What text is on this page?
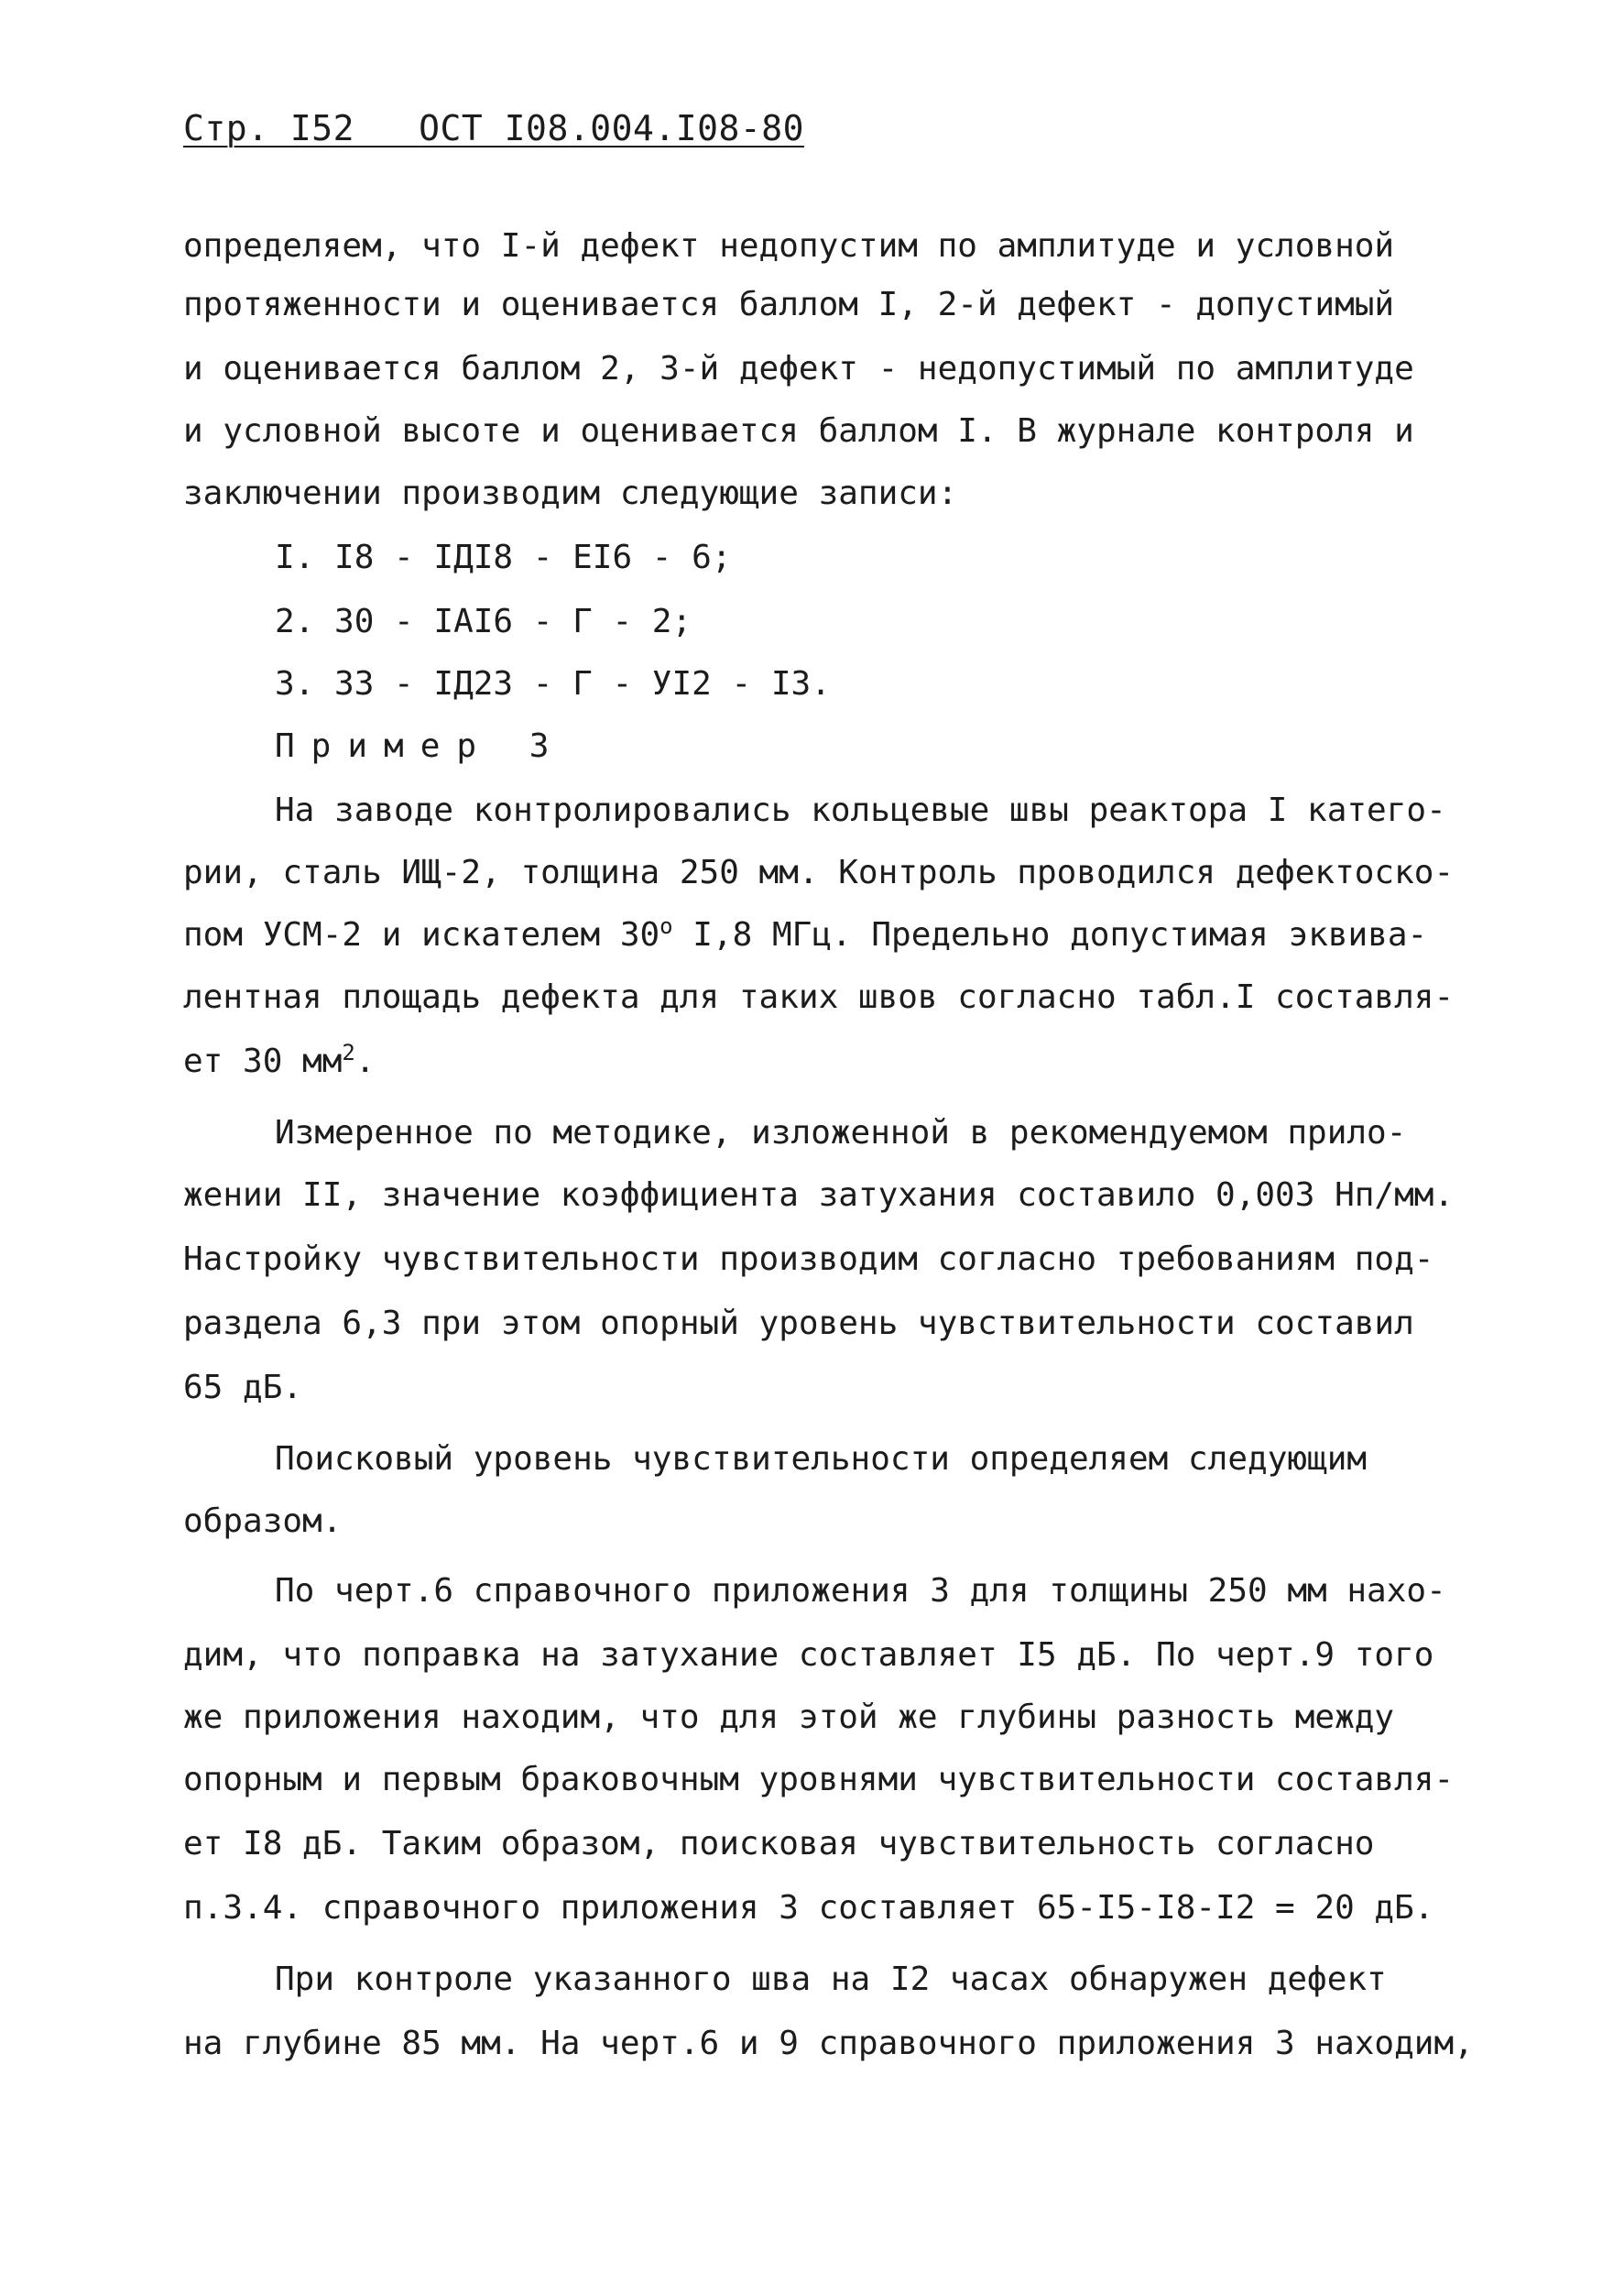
Стр. I52 ОСТ I08.004.I08-80
определяем, что I-й дефект недопустим по амплитуде и условной
протяженности и оценивается баллом I, 2-й дефект - допустимый
и оценивается баллом 2, 3-й дефект - недопустимый по амплитуде
и условной высоте и оценивается баллом I. В журнале контроля и
заключении производим следующие записи:
I. I8 - IДI8 - EI6 - 6;
2. 30 - IAI6 - Г - 2;
3. 33 - IД23 - Г - УI2 - I3.
Пример 3
На заводе контролировались кольцевые швы реактора I катего-
рии, сталь ИЩ-2, толщина 250 мм. Контроль проводился дефектоско-
пом УСМ-2 и искателем 30$^o$ I,8 МГц. Предельно допустимая эквива-
лентная площадь дефекта для таких швов согласно табл.I составля-
ет 30 $мм^2$.
Измеренное по методике, изложенной в рекомендуемом прило-
жении II, значение коэффициента затухания составило 0,003 Нп/мм.
Настройку чувствительности производим согласно требованиям под-
раздела 6,3 при этом опорный уровень чувствительности составил
65 дБ.
Поисковый уровень чувствительности определяем следующим
образом.
По черт.6 справочного приложения 3 для толщины 250 мм нахо-
дим, что поправка на затухание составляет I5 дБ. По черт.9 того
же приложения находим, что для этой же глубины разность между
опорным и первым браковочным уровнями чувствительности составля-
ет I8 дБ. Таким образом, поисковая чувствительность согласно
п.3.4. справочного приложения 3 составляет 65-I5-I8-I2 = 20 дБ.
При контроле указанного шва на I2 часах обнаружен дефект
на глубине 85 мм. На черт.6 и 9 справочного приложения 3 находим,
